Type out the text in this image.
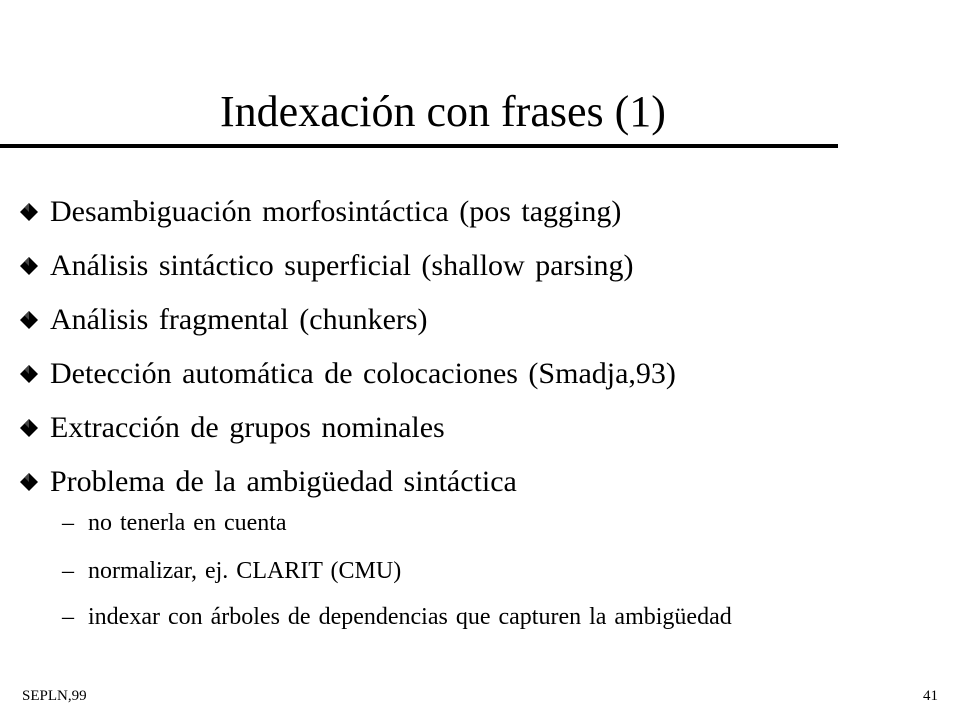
Indexación con frases (1)
Desambiguación morfosintáctica (pos tagging)
Análisis sintáctico superficial (shallow parsing)
Análisis fragmental (chunkers)
Detección automática de colocaciones (Smadja,93)
Extracción de grupos nominales
Problema de la ambigüedad sintáctica
– no tenerla en cuenta
– normalizar, ej. CLARIT (CMU)
– indexar con árboles de dependencias que capturen la ambigüedad
SEPLN,99	41
